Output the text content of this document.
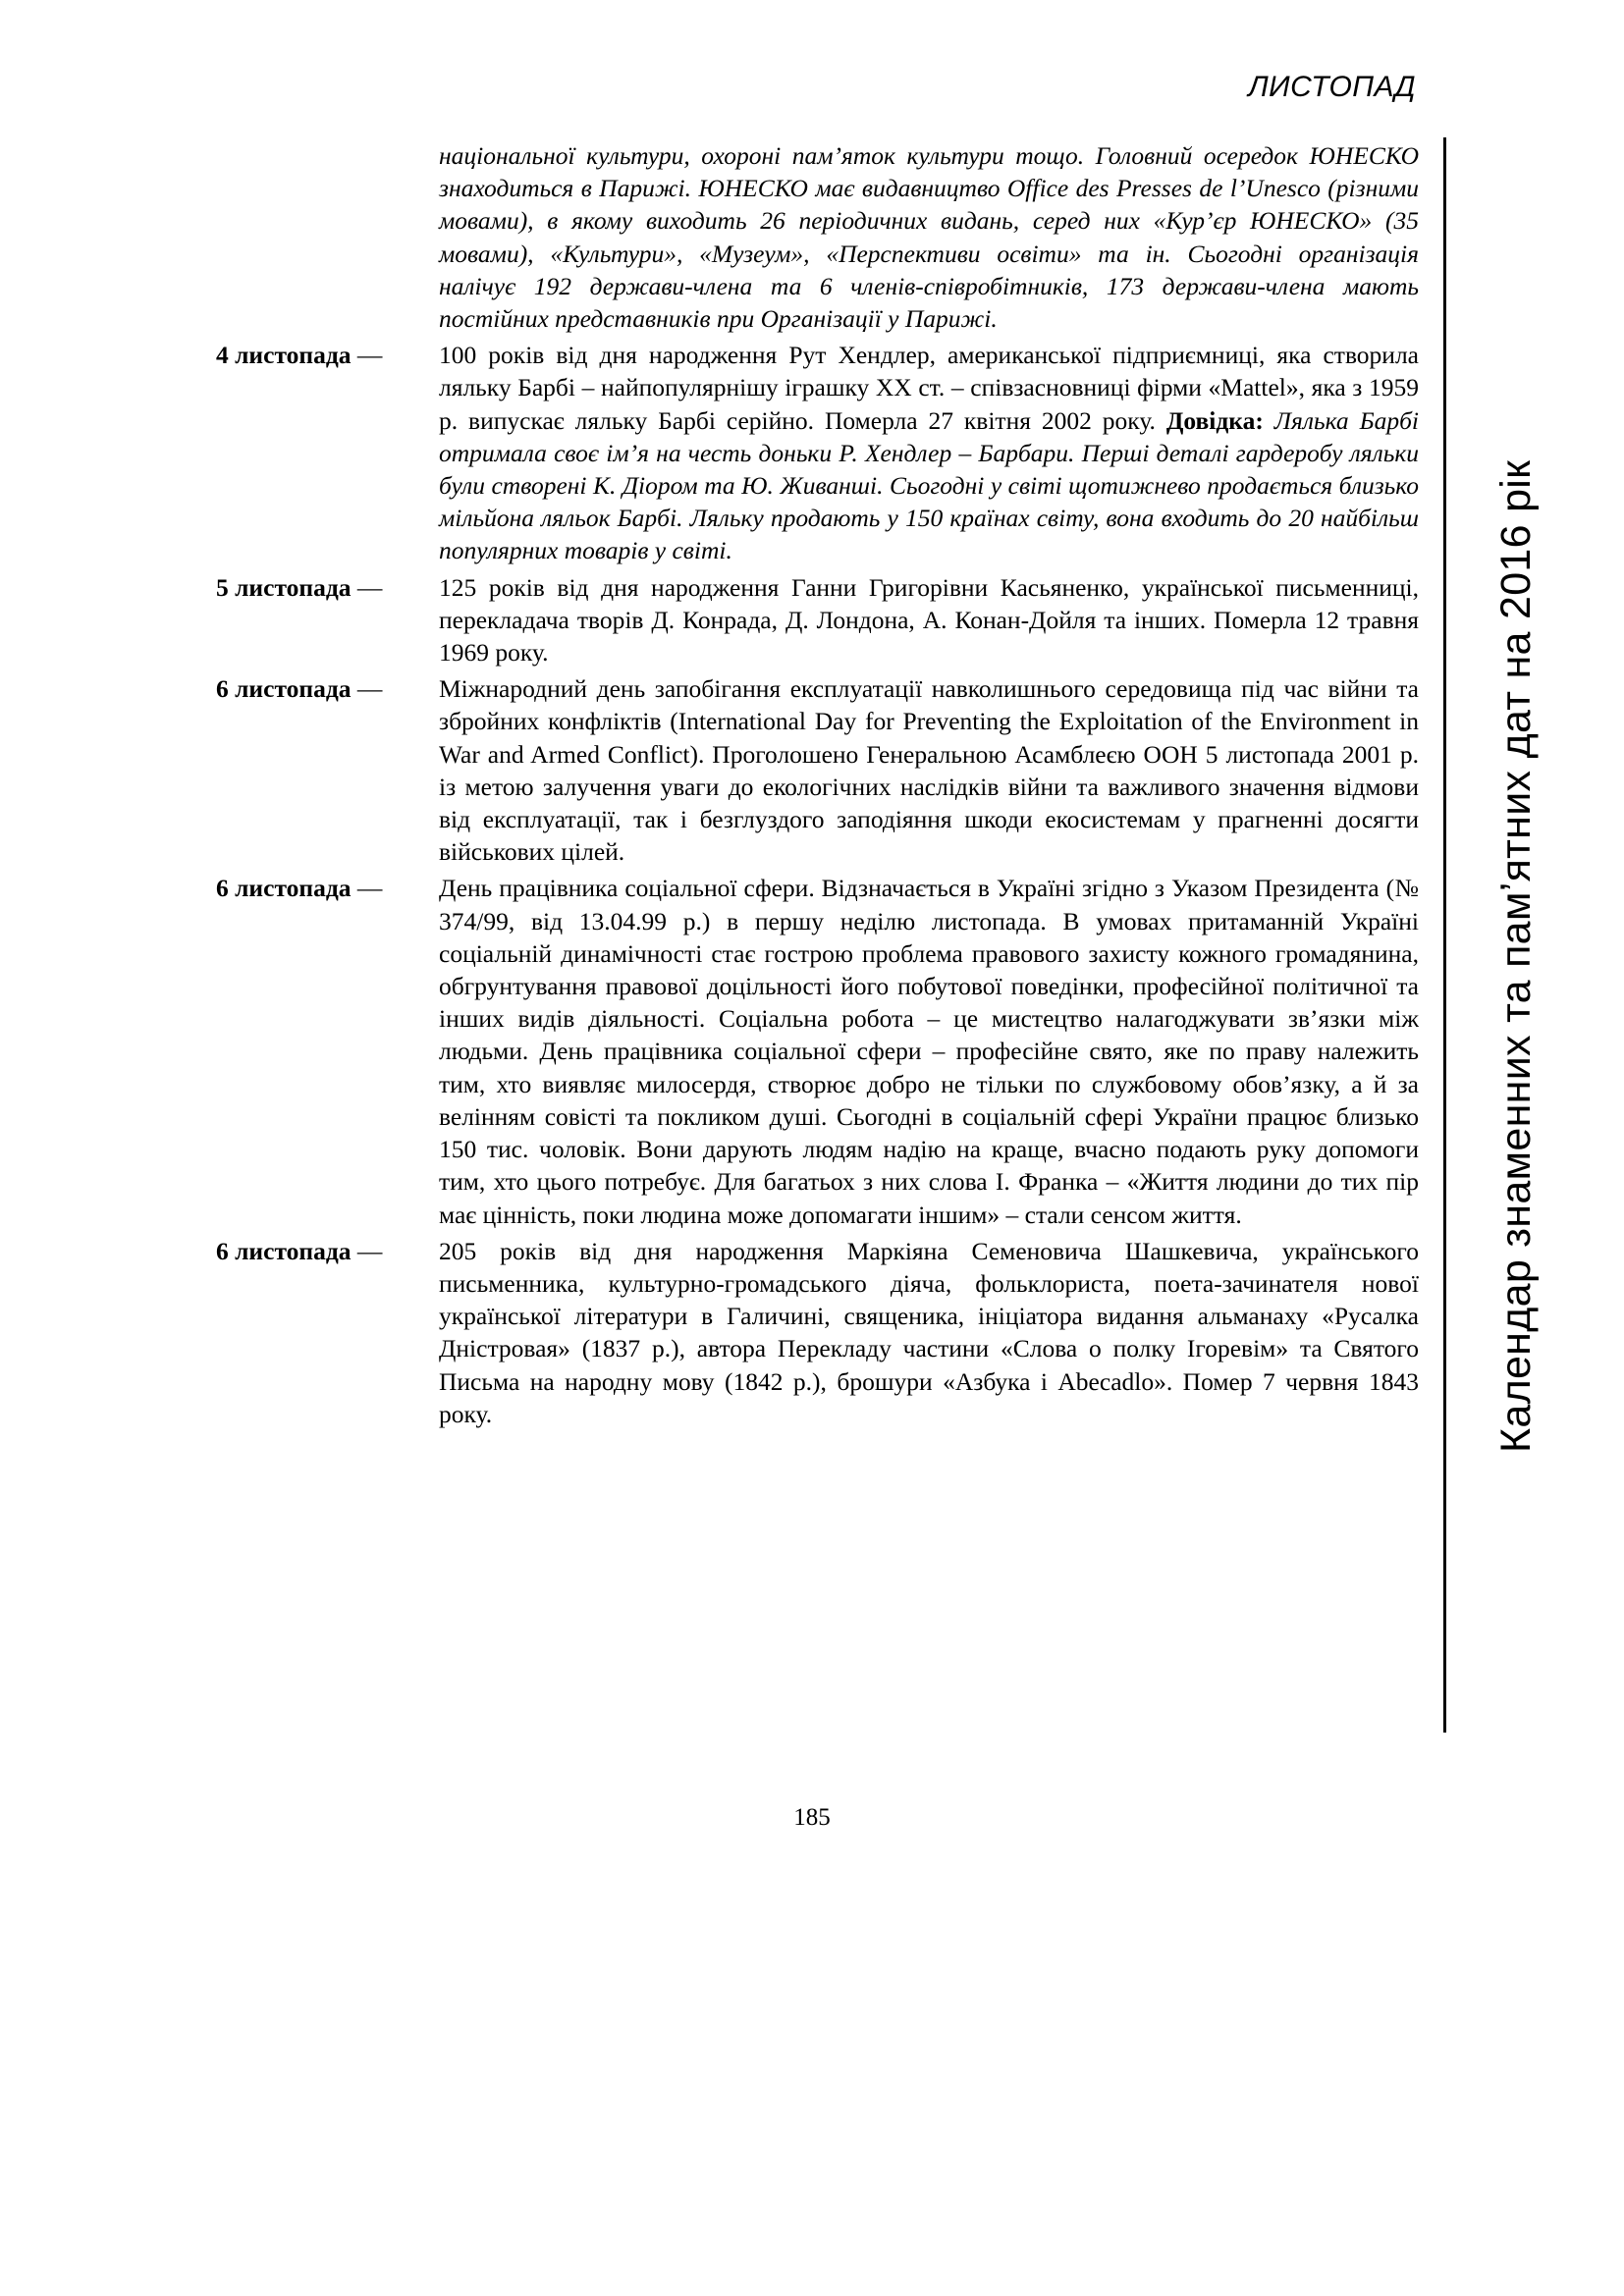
ЛИСТОПАД
Календар знаменних та пам’ятних дат на 2016 рік

національної культури, охороні пам’яток культури тощо. Головний осередок ЮНЕСКО знаходиться в Парижі. ЮНЕСКО має видавництво Office des Presses de l’Unesco (різними мовами), в якому виходить 26 періодичних видань, серед них «Кур’єр ЮНЕСКО» (35 мовами), «Культури», «Музеум», «Перспективи освіти» та ін. Сьогодні організація налічує 192 держави-члена та 6 членів-співробітників, 173 держави-члена мають постійних представників при Організації у Парижі.

4 листопада — 100 років від дня народження Рут Хендлер, американської підприємниці, яка створила ляльку Барбі – найпопулярнішу іграшку ХХ ст. – співзасновниці фірми «Mattel», яка з 1959 р. випускає ляльку Барбі серійно. Померла 27 квітня 2002 року. Довідка: Лялька Барбі отримала своє ім’я на честь доньки Р. Хендлер – Барбари. Перші деталі гардеробу ляльки були створені К. Діором та Ю. Живаншi. Сьогодні у світі щотижнево продається близько мільйона ляльок Барбі. Ляльку продають у 150 країнах світу, вона входить до 20 найбільш популярних товарів у світі.
5 листопада — 125 років від дня народження Ганни Григорівни Касьяненко, української письменниці, перекладача творів Д. Конрада, Д. Лондона, А. Конан-Дойля та інших. Померла 12 травня 1969 року.
6 листопада — Міжнародний день запобігання експлуатації навколишнього середовища під час війни та збройних конфліктів (International Day for Preventing the Exploitation of the Environment in War and Armed Conflict). Проголошено Генеральною Асамблеєю ООН 5 листопада 2001 р. із метою залучення уваги до екологічних наслідків війни та важливого значення відмови від експлуатації, так і безглуздого заподіяння шкоди екосистемам у прагненні досягти військових цілей.
6 листопада — День працівника соціальної сфери. Відзначається в Україні згідно з Указом Президента (№ 374/99, від 13.04.99 р.) в першу неділю листопада. В умовах притаманній Україні соціальній динамічності стає гострою проблема правового захисту кожного громадянина, обгрунтування правової доцільності його побутової поведінки, професійної політичної та інших видів діяльності. Соціальна робота – це мистецтво налагоджувати зв’язки між людьми. День працівника соціальної сфери – професійне свято, яке по праву належить тим, хто виявляє милосердя, створює добро не тільки по службовому обов’язку, а й за велінням совісті та покликом душі. Сьогодні в соціальній сфері України працює близько 150 тис. чоловік. Вони дарують людям надію на краще, вчасно подають руку допомоги тим, хто цього потребує. Для багатьох з них слова І. Франка – «Життя людини до тих пір має цінність, поки людина може допомагати іншим» – стали сенсом життя.
6 листопада — 205 років від дня народження Маркіяна Семеновича Шашкевича, українського письменника, культурно-громадського діяча, фольклориста, поета-зачинателя нової української літератури в Галичині, священика, ініціатора видання альманаху «Русалка Дністровая» (1837 р.), автора Перекладу частини «Слова о полку Ігоревім» та Святого Письма на народну мову (1842 р.), брошури «Азбука і Abecadlo». Помер 7 червня 1843 року.
185
